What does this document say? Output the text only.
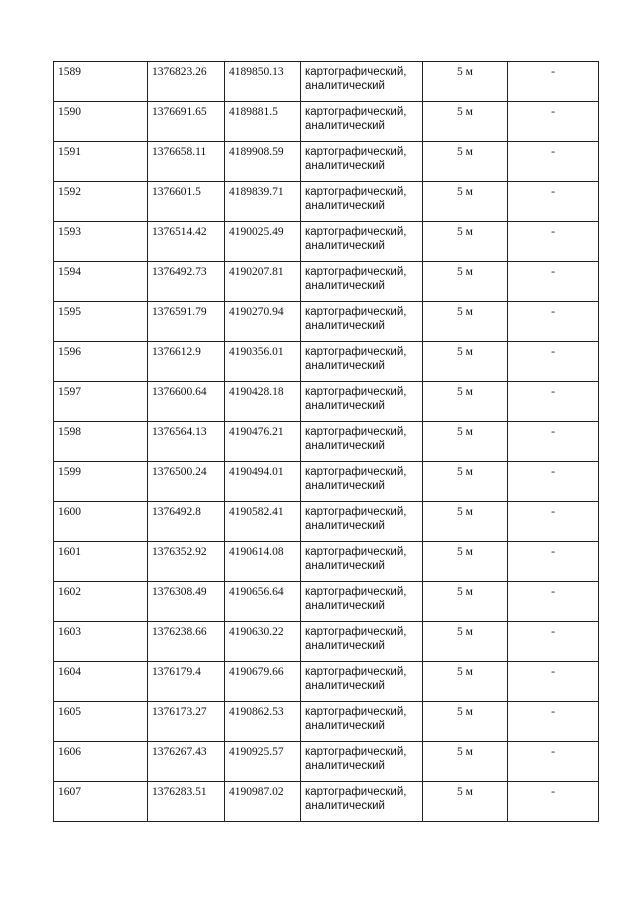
1589	1376823.26	4189850.13	картографический,
аналитический	5 м	-
1590	1376691.65	4189881.5	картографический,
аналитический	5 м	-
1591	1376658.11	4189908.59	картографический,
аналитический	5 м	-
1592	1376601.5	4189839.71	картографический,
аналитический	5 м	-
1593	1376514.42	4190025.49	картографический,
аналитический	5 м	-
1594	1376492.73	4190207.81	картографический,
аналитический	5 м	-
1595	1376591.79	4190270.94	картографический,
аналитический	5 м	-
1596	1376612.9	4190356.01	картографический,
аналитический	5 м	-
1597	1376600.64	4190428.18	картографический,
аналитический	5 м	-
1598	1376564.13	4190476.21	картографический,
аналитический	5 м	-
1599	1376500.24	4190494.01	картографический,
аналитический	5 м	-
1600	1376492.8	4190582.41	картографический,
аналитический	5 м	-
1601	1376352.92	4190614.08	картографический,
аналитический	5 м	-
1602	1376308.49	4190656.64	картографический,
аналитический	5 м	-
1603	1376238.66	4190630.22	картографический,
аналитический	5 м	-
1604	1376179.4	4190679.66	картографический,
аналитический	5 м	-
1605	1376173.27	4190862.53	картографический,
аналитический	5 м	-
1606	1376267.43	4190925.57	картографический,
аналитический	5 м	-
1607	1376283.51	4190987.02	картографический,
аналитический	5 м	-
